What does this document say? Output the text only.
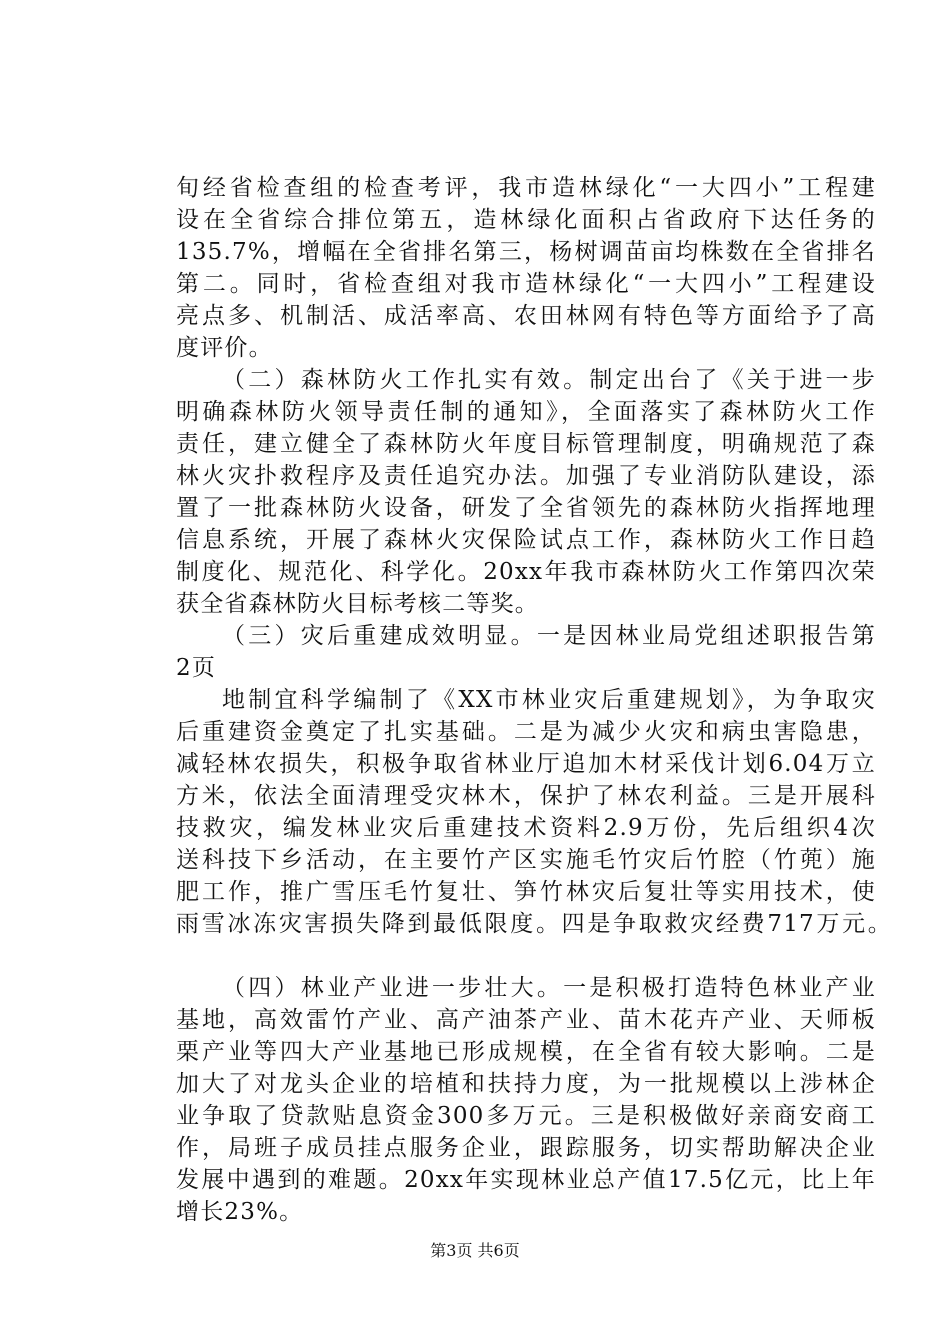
旬经省检查组的检查考评，我市造林绿化“一大四小”工程建
设在全省综合排位第五，造林绿化面积占省政府下达任务的
135.7%，增幅在全省排名第三，杨树调苗亩均株数在全省排名
第二。同时，省检查组对我市造林绿化“一大四小”工程建设
亮点多、机制活、成活率高、农田林网有特色等方面给予了高
度评价。
（二）森林防火工作扎实有效。制定出台了《关于进一步
明确森林防火领导责任制的通知》，全面落实了森林防火工作
责任，建立健全了森林防火年度目标管理制度，明确规范了森
林火灾扑救程序及责任追究办法。加强了专业消防队建设，添
置了一批森林防火设备，研发了全省领先的森林防火指挥地理
信息系统，开展了森林火灾保险试点工作，森林防火工作日趋
制度化、规范化、科学化。20xx年我市森林防火工作第四次荣
获全省森林防火目标考核二等奖。
（三）灾后重建成效明显。一是因林业局党组述职报告第
2页
地制宜科学编制了《XX市林业灾后重建规划》，为争取灾
后重建资金奠定了扎实基础。二是为减少火灾和病虫害隐患，
减轻林农损失，积极争取省林业厅追加木材采伐计划6.04万立
方米，依法全面清理受灾林木，保护了林农利益。三是开展科
技救灾，编发林业灾后重建技术资料2.9万份，先后组织4次
送科技下乡活动，在主要竹产区实施毛竹灾后竹腔（竹蔸）施
肥工作，推广雪压毛竹复壮、笋竹林灾后复壮等实用技术，使
雨雪冰冻灾害损失降到最低限度。四是争取救灾经费717万元。
（四）林业产业进一步壮大。一是积极打造特色林业产业
基地，高效雷竹产业、高产油茶产业、苗木花卉产业、天师板
栗产业等四大产业基地已形成规模，在全省有较大影响。二是
加大了对龙头企业的培植和扶持力度，为一批规模以上涉林企
业争取了贷款贴息资金300多万元。三是积极做好亲商安商工
作，局班子成员挂点服务企业，跟踪服务，切实帮助解决企业
发展中遇到的难题。20xx年实现林业总产值17.5亿元，比上年
增长23%。
第3页 共6页
